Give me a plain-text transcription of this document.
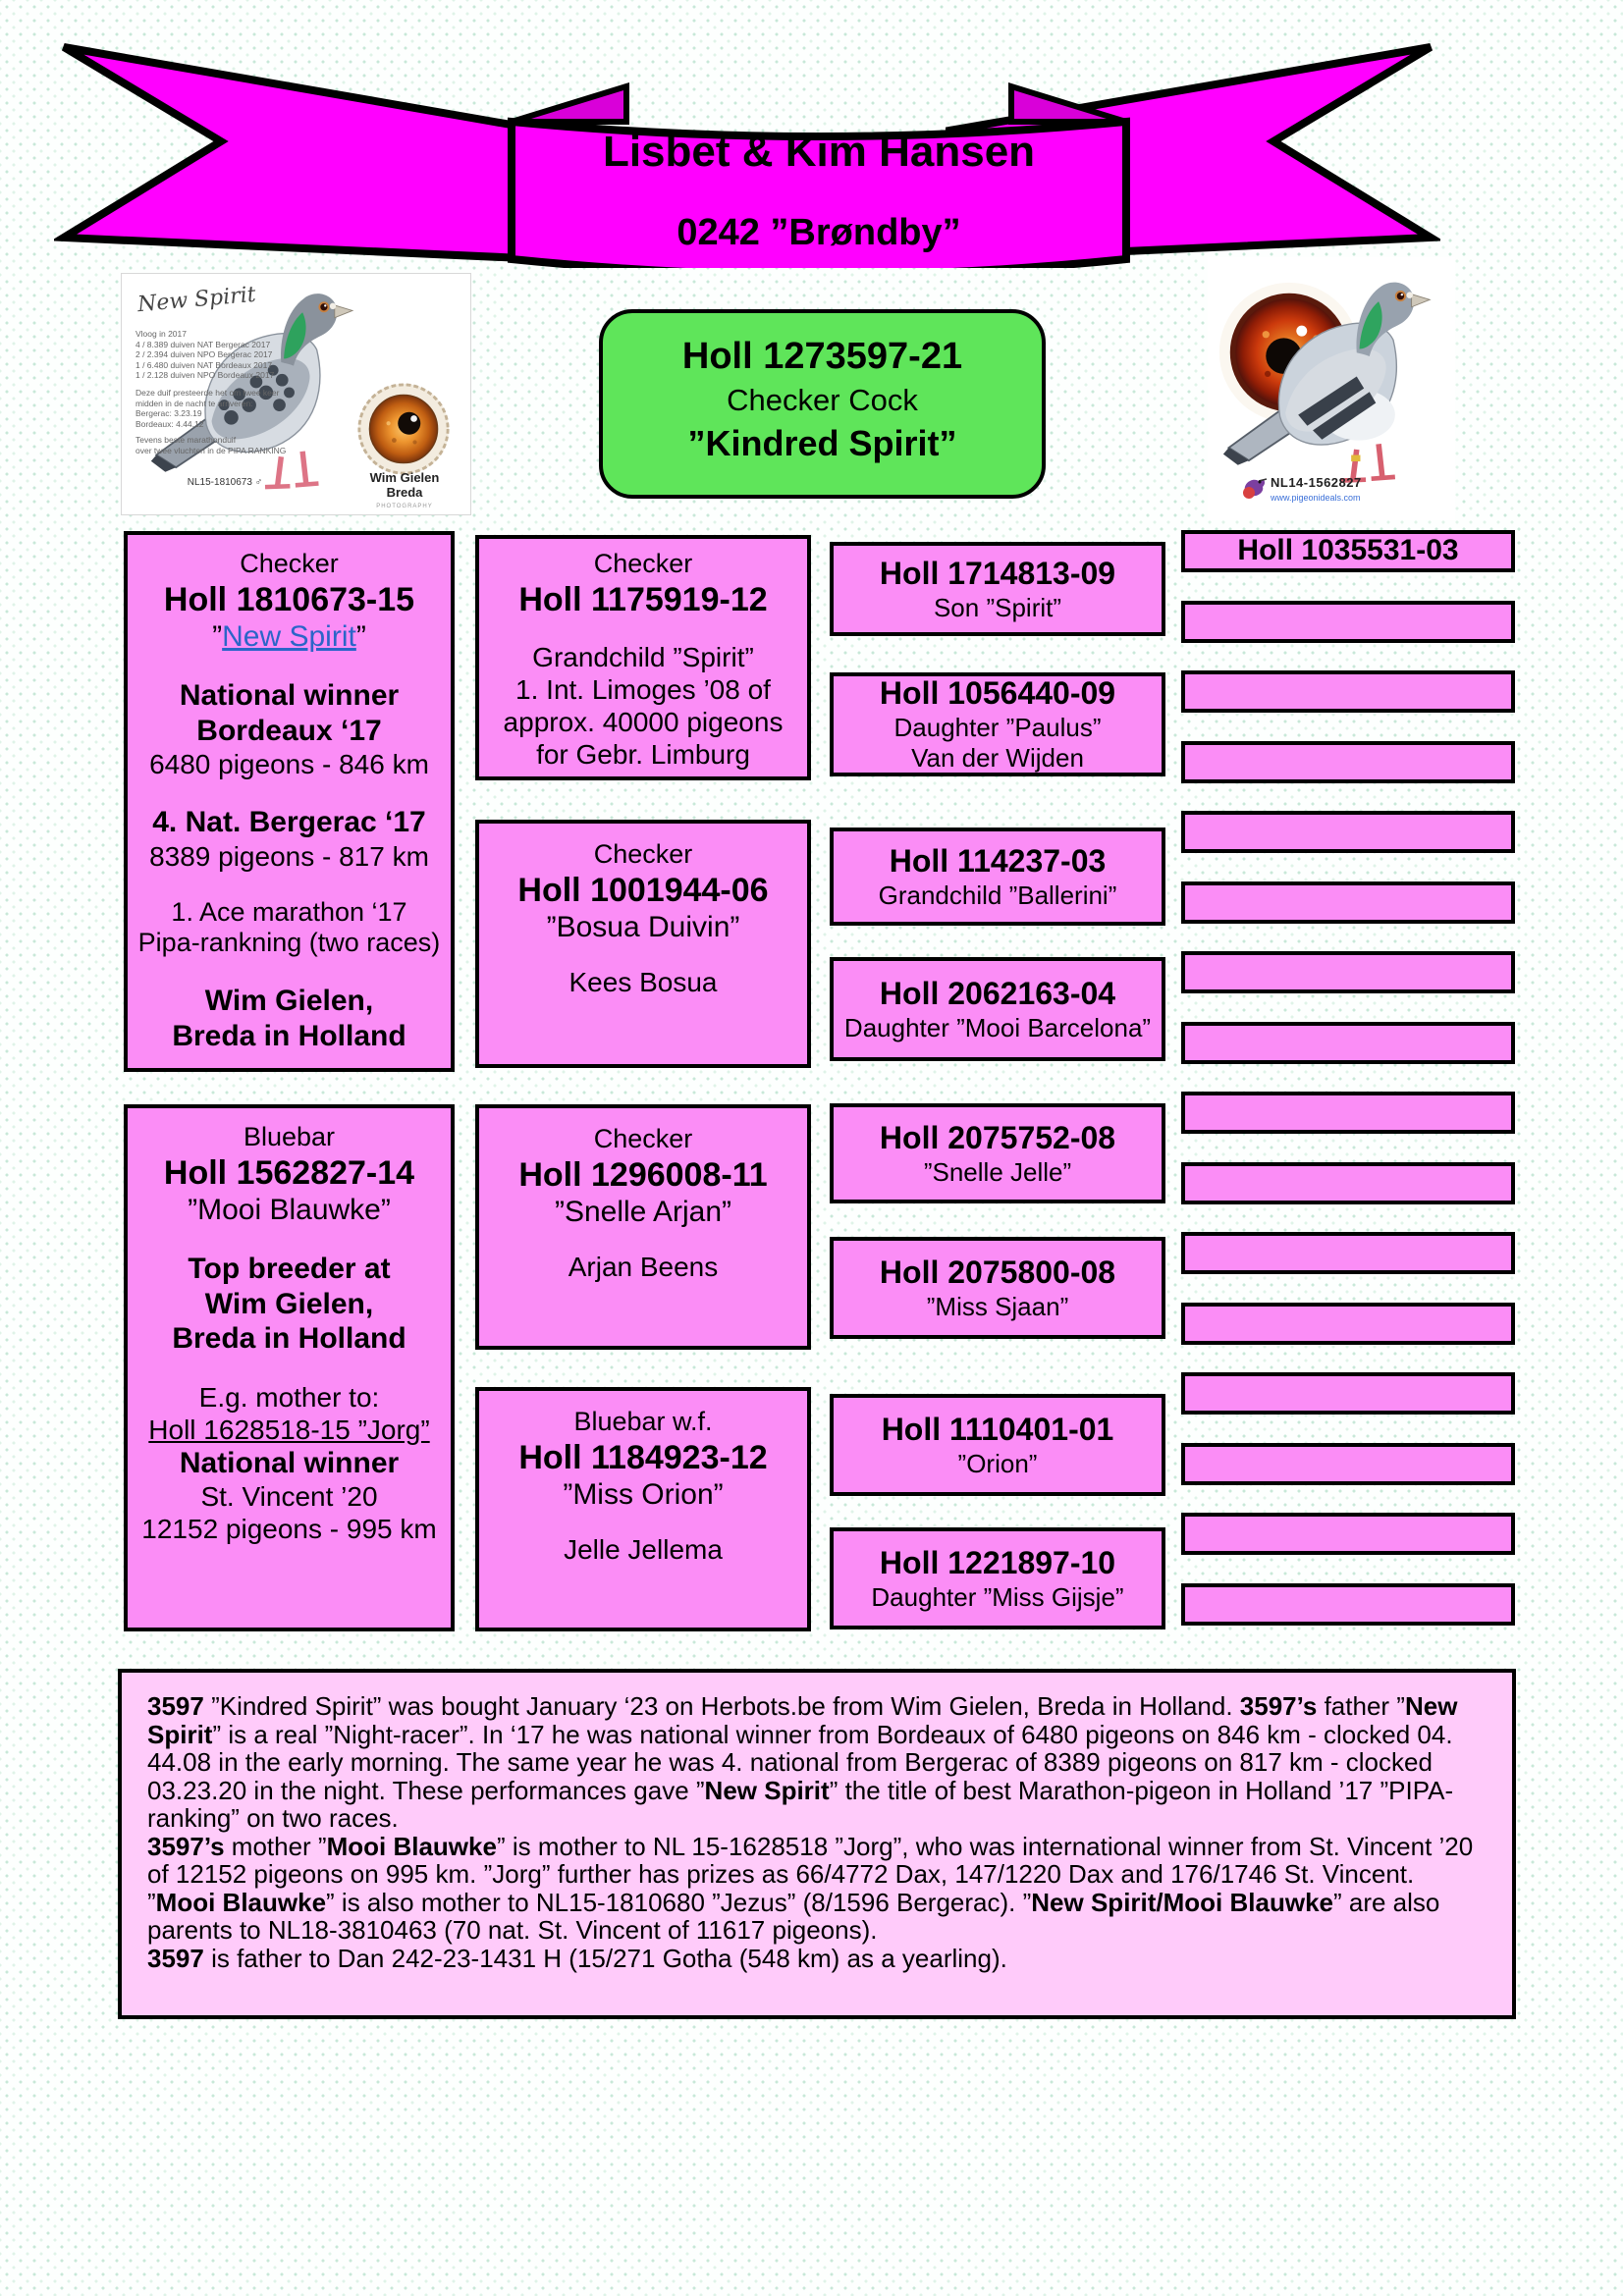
Lisbet & Kim Hansen
0242 ”Brøndby”
New Spirit
Vloog in 2017
4 / 8.389 duiven NAT Bergerac 2017
2 / 2.394 duiven NPO Bergerac 2017
1 / 6.480 duiven NAT Bordeaux 2017
1 / 2.128 duiven NPO Bordeaux 2017
Deze duif presteerde het om twee keer
midden in de nacht te arriveren:
Bergerac: 3.23.19
Bordeaux: 4.44.12
Tevens beste marathonduif
over twee vluchten in de PIPA RANKING
NL15-1810673 ♂	Wim Gielen
Breda
PHOTOGRAPHY
Holl 1273597-21
Checker Cock
”Kindred Spirit”
NL14-1562827
www.pigeonideals.com
Checker
Holl 1810673-15
”New Spirit”
National winner
Bordeaux ‘17
6480 pigeons - 846 km
4. Nat. Bergerac ‘17
8389 pigeons - 817 km
1. Ace marathon ‘17
Pipa-rankning (two races)
Wim Gielen,
Breda in Holland
Bluebar
Holl 1562827-14
”Mooi Blauwke”
Top breeder at
Wim Gielen,
Breda in Holland
E.g. mother to:
Holl 1628518-15 ”Jorg”
National winner
St. Vincent ’20
12152 pigeons - 995 km
Checker
Holl 1175919-12
Grandchild ”Spirit”
1. Int. Limoges ’08 of
approx. 40000 pigeons
for Gebr. Limburg
Checker
Holl 1001944-06
”Bosua Duivin”
Kees Bosua
Checker
Holl 1296008-11
”Snelle Arjan”
Arjan Beens
Bluebar w.f.
Holl 1184923-12
”Miss Orion”
Jelle Jellema
Holl 1714813-09
Son ”Spirit”
Holl 1056440-09
Daughter ”Paulus”
Van der Wijden
Holl 114237-03
Grandchild ”Ballerini”
Holl 2062163-04
Daughter ”Mooi Barcelona”
Holl 2075752-08
”Snelle Jelle”
Holl 2075800-08
”Miss Sjaan”
Holl 1110401-01
”Orion”
Holl 1221897-10
Daughter ”Miss Gijsje”
Holl 1035531-03
3597 ”Kindred Spirit” was bought January ‘23 on Herbots.be from Wim Gielen, Breda in Holland. 3597’s father ”New Spirit” is a real ”Night-racer”. In ‘17 he was national winner from Bordeaux of 6480 pigeons on 846 km - clocked 04. 44.08 in the early morning. The same year he was 4. national from Bergerac of 8389 pigeons on 817 km - clocked 03.23.20 in the night. These performances gave ”New Spirit” the title of best Marathon-pigeon in Holland ’17 ”PIPA-ranking” on two races.
3597’s mother ”Mooi Blauwke” is mother to NL 15-1628518 ”Jorg”, who was international winner from St. Vincent ’20 of 12152 pigeons on 995 km. ”Jorg” further has prizes as 66/4772 Dax, 147/1220 Dax and 176/1746 St. Vincent. ”Mooi Blauwke” is also mother to NL15-1810680 ”Jezus” (8/1596 Bergerac). ”New Spirit/Mooi Blauwke” are also parents to NL18-3810463 (70 nat. St. Vincent of 11617 pigeons).
3597 is father to Dan 242-23-1431 H (15/271 Gotha (548 km) as a yearling).
